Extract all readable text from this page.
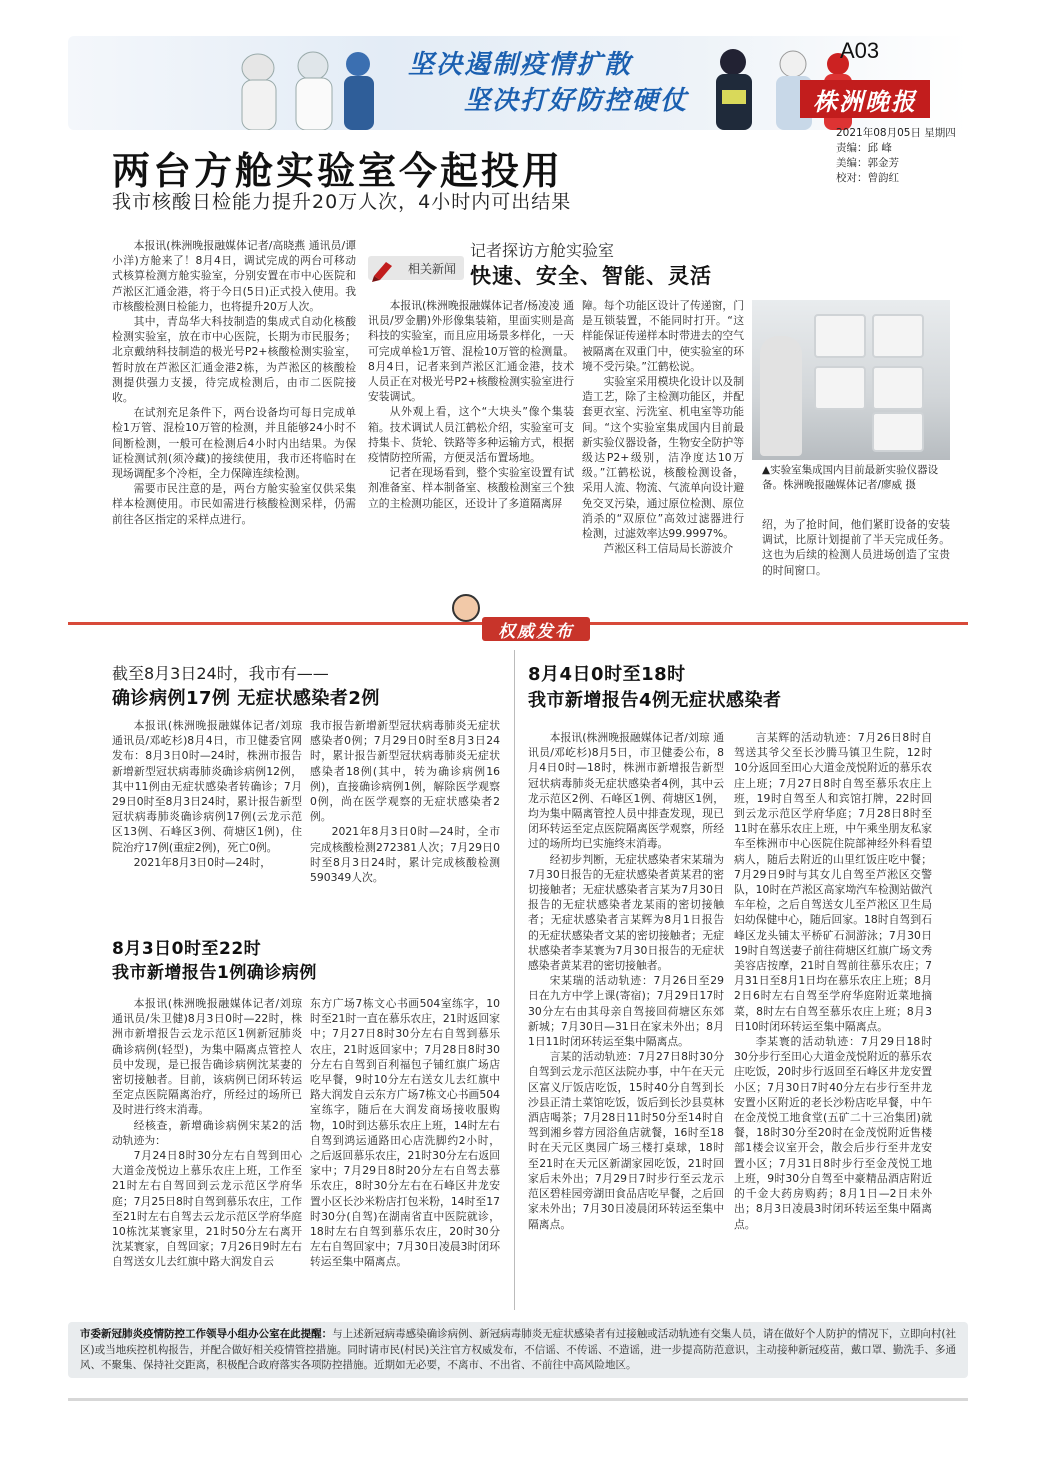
坚决遏制疫情扩散
坚决打好防控硬仗
A03
株洲晚报
2021年08月05日 星期四
责编：邱 峰
美编：郭金芳
校对：曾韵红
两台方舱实验室今起投用
我市核酸日检能力提升20万人次，4小时内可出结果

本报讯(株洲晚报融媒体记者/高晓燕 通讯员/谭小洋)方舱来了！8月4日，调试完成的两台可移动式核算检测方舱实验室，分别安置在市中心医院和芦淞区汇通金港，将于今日(5日)正式投入使用。我市核酸检测日检能力，也将提升20万人次。

其中，青岛华大科技制造的集成式自动化核酸检测实验室，放在市中心医院，长期为市民服务；北京戴纳科技制造的极光号P2+核酸检测实验室，暂时放在芦淞区汇通金港2栋，为芦淞区的核酸检测提供强力支援，待完成检测后，由市二医院接收。

在试剂充足条件下，两台设备均可每日完成单检1万管、混检10万管的检测，并且能够24小时不间断检测，一般可在检测后4小时内出结果。为保证检测试剂(须冷藏)的接续使用，我市还将临时在现场调配多个冷柜，全力保障连续检测。

需要市民注意的是，两台方舱实验室仅供采集样本检测使用。市民如需进行核酸检测采样，仍需前往各区指定的采样点进行。

相关新闻
记者探访方舱实验室
快速、安全、智能、灵活

本报讯(株洲晚报融媒体记者/杨凌凌 通讯员/罗金鹏)外形像集装箱，里面实则是高科技的实验室，而且应用场景多样化，一天可完成单检1万管、混检10万管的检测量。8月4日，记者来到芦淞区汇通金港，技术人员正在对极光号P2+核酸检测实验室进行安装调试。

从外观上看，这个“大块头”像个集装箱。技术调试人员江鹤松介绍，实验室可支持集卡、货轮、铁路等多种运输方式，根据疫情防控所需，方便灵活布置场地。

记者在现场看到，整个实验室设置有试剂准备室、样本制备室、核酸检测室三个独立的主检测功能区，还设计了多道隔离屏

障。每个功能区设计了传递窗，门是互锁装置，不能同时打开。“这样能保证传递样本时带进去的空气被隔离在双重门中，使实验室的环境不受污染。”江鹤松说。

实验室采用模块化设计以及制造工艺，除了主检测功能区，并配套更衣室、污洗室、机电室等功能间。“这个实验室集成国内目前最新实验仪器设备，生物安全防护等级达P2+级别，洁净度达10万级。”江鹤松说，核酸检测设备，采用人流、物流、气流单向设计避免交叉污染，通过原位检测、原位消杀的“双原位”高效过滤器进行检测，过滤效率达99.9997%。

芦淞区科工信局局长游波介

▲实验室集成国内目前最新实验仪器设备。株洲晚报融媒体记者/廖威 摄

绍，为了抢时间，他们紧盯设备的安装调试，比原计划提前了半天完成任务。这也为后续的检测人员进场创造了宝贵的时间窗口。

权威发布
截至8月3日24时，我市有——
确诊病例17例 无症状感染者2例

本报讯(株洲晚报融媒体记者/刘琼 通讯员/邓屹杉)8月4日，市卫健委官网发布：8月3日0时—24时，株洲市报告新增新型冠状病毒肺炎确诊病例12例，其中11例由无症状感染者转确诊；7月29日0时至8月3日24时，累计报告新型冠状病毒肺炎确诊病例17例(云龙示范区13例、石峰区3例、荷塘区1例)，住院治疗17例(重症2例)，死亡0例。

2021年8月3日0时—24时，

我市报告新增新型冠状病毒肺炎无症状感染者0例；7月29日0时至8月3日24时，累计报告新型冠状病毒肺炎无症状感染者18例(其中，转为确诊病例16例)，直接确诊病例1例，解除医学观察0例，尚在医学观察的无症状感染者2例。

2021年8月3日0时—24时，全市完成核酸检测272381人次；7月29日0时至8月3日24时，累计完成核酸检测590349人次。

8月3日0时至22时
我市新增报告1例确诊病例

本报讯(株洲晚报融媒体记者/刘琼 通讯员/朱卫健)8月3日0时—22时，株洲市新增报告云龙示范区1例新冠肺炎确诊病例(轻型)，为集中隔离点管控人员中发现，是已报告确诊病例沈某妻的密切接触者。目前，该病例已闭环转运至定点医院隔离治疗，所经过的场所已及时进行终末消毒。

经核查，新增确诊病例宋某2的活动轨迹为：

7月24日8时30分左右自驾到田心大道金茂悦边上慕乐农庄上班，工作至21时左右自驾回到云龙示范区学府华庭；7月25日8时自驾到慕乐农庄，工作至21时左右自驾去云龙示范区学府华庭10栋沈某寰家里，21时50分左右离开沈某寰家，自驾回家；7月26日9时左右自驾送女儿去红旗中路大润发自云

东方广场7栋文心书画504室练字，10时至21时一直在慕乐农庄，21时返回家中；7月27日8时30分左右自驾到慕乐农庄，21时返回家中；7月28日8时30分左右自驾到百利福包子铺红旗广场店吃早餐，9时10分左右送女儿去红旗中路大润发自云东方广场7栋文心书画504室练字，随后在大润发商场接收服购物，10时到达慕乐农庄上班，14时左右自驾到鸿运通路田心店洗脚约2小时，之后返回慕乐农庄，21时30分左右返回家中；7月29日8时20分左右自驾去慕乐农庄，8时30分左右在石峰区井龙安置小区长沙米粉店打包米粉，14时至17时30分(自驾)在湖南省直中医院就诊，18时左右自驾到慕乐农庄，20时30分左右自驾回家中；7月30日凌晨3时闭环转运至集中隔离点。

8月4日0时至18时
我市新增报告4例无症状感染者

本报讯(株洲晚报融媒体记者/刘琼 通讯员/邓屹杉)8月5日，市卫健委公布，8月4日0时—18时，株洲市新增报告新型冠状病毒肺炎无症状感染者4例，其中云龙示范区2例、石峰区1例、荷塘区1例，均为集中隔离管控人员中排查发现，现已闭环转运至定点医院隔离医学观察，所经过的场所均已实施终末消毒。

经初步判断，无症状感染者宋某瑞为7月30日报告的无症状感染者黄某君的密切接触者；无症状感染者言某为7月30日报告的无症状感染者龙某雨的密切接触者；无症状感染者言某辉为8月1日报告的无症状感染者文某的密切接触者；无症状感染者李某寰为7月30日报告的无症状感染者黄某君的密切接触者。

宋某瑞的活动轨迹：7月26日至29日在九方中学上课(寄宿)；7月29日17时30分左右由其母亲自驾接回荷塘区东郊新城；7月30日—31日在家未外出；8月1日11时闭环转运至集中隔离点。

言某的活动轨迹：7月27日8时30分自驾到云龙示范区法院办事，中午在天元区富义厅饭店吃饭，15时40分自驾到长沙县正清土菜馆吃饭，饭后到长沙县莫林酒店喝茶；7月28日11时50分至14时自驾到湘乡蓉方园浴鱼店就餐，16时至18时在天元区奥园广场三楼打桌球，18时至21时在天元区新湖家园吃饭，21时回家后未外出；7月29日7时步行至云龙示范区碧桂园旁湖田食品店吃早餐，之后回家未外出；7月30日凌晨闭环转运至集中隔离点。

言某辉的活动轨迹：7月26日8时自驾送其爷父至长沙腾马镇卫生院，12时10分返回至田心大道金茂悦附近的慕乐农庄上班；7月27日8时自驾至慕乐农庄上班，19时自驾至人和宾馆打牌，22时回到云龙示范区学府华庭；7月28日8时至11时在慕乐农庄上班，中午乘坐朋友私家车至株洲市中心医院住院部神经外科看望病人，随后去附近的山里红饭庄吃中餐；7月29日9时与其女儿自驾至芦淞区交警队，10时在芦淞区高家坳汽车检测站做汽车年检，之后自驾送女儿至芦淞区卫生局妇幼保健中心，随后回家。18时自驾到石峰区龙头铺太平桥矿石洞游泳；7月30日19时自驾送妻子前往荷塘区红旗广场文秀美容店按摩，21时自驾前往慕乐农庄；7月31日至8月1日均在慕乐农庄上班；8月2日6时左右自驾至学府华庭附近菜地摘菜，8时左右自驾至慕乐农庄上班；8月3日10时闭环转运至集中隔离点。

李某寰的活动轨迹：7月29日18时30分步行至田心大道金茂悦附近的慕乐农庄吃饭，20时步行返回至石峰区井龙安置小区；7月30日7时40分左右步行至井龙安置小区附近的老长沙粉店吃早餐，中午在金茂悦工地食堂(五矿二十三冶集团)就餐，18时30分至20时在金茂悦附近售楼部1楼会议室开会，散会后步行至井龙安置小区；7月31日8时步行至金茂悦工地上班，9时30分自驾至中豪精品酒店附近的千金大药房购药；8月1日—2日未外出；8月3日凌晨3时闭环转运至集中隔离点。

市委新冠肺炎疫情防控工作领导小组办公室在此提醒：与上述新冠病毒感染确诊病例、新冠病毒肺炎无症状感染者有过接触或活动轨迹有交集人员，请在做好个人防护的情况下，立即向村(社区)或当地疾控机构报告，并配合做好相关疫情管控措施。同时请市民(村民)关注官方权威发布，不信谣、不传谣、不造谣，进一步提高防范意识，主动接种新冠疫苗，戴口罩、勤洗手、多通风、不聚集、保持社交距离，积极配合政府落实各项防控措施。近期如无必要，不离市、不出省、不前往中高风险地区。
